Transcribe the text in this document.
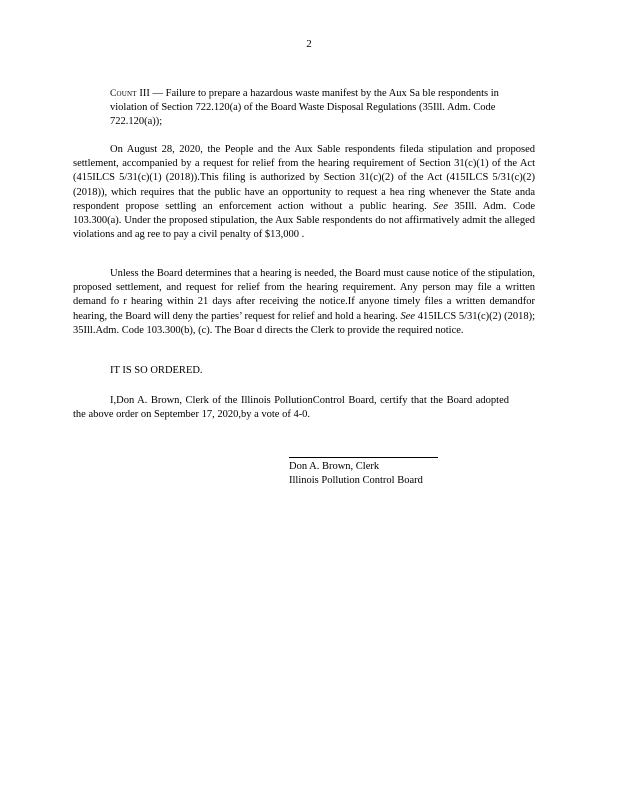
2
Count III — Failure to prepare a hazardous waste manifest by the Aux Sa ble respondents in violation of Section 722.120(a) of the Board Waste Disposal Regulations (35Ill. Adm. Code 722.120(a));

On August 28, 2020, the People and the Aux Sable respondents fileda stipulation and proposed settlement, accompanied by a request for relief from the hearing requirement of Section 31(c)(1) of the Act (415ILCS 5/31(c)(1) (2018)).This filing is authorized by Section 31(c)(2) of the Act (415ILCS 5/31(c)(2) (2018)), which requires that the public have an opportunity to request a hea ring whenever the State anda respondent propose settling an enforcement action without a public hearing. See 35Ill. Adm. Code 103.300(a). Under the proposed stipulation, the Aux Sable respondents do not affirmatively admit the alleged violations and ag ree to pay a civil penalty of $13,000 .

Unless the Board determines that a hearing is needed, the Board must cause notice of the stipulation, proposed settlement, and request for relief from the hearing requirement. Any person may file a written demand fo r hearing within 21 days after receiving the notice.If anyone timely files a written demandfor hearing, the Board will deny the parties’ request for relief and hold a hearing. See 415ILCS 5/31(c)(2) (2018); 35Ill.Adm. Code 103.300(b), (c). The Boar d directs the Clerk to provide the required notice.

IT IS SO ORDERED.

I,Don A. Brown, Clerk of the Illinois PollutionControl Board, certify that the Board adopted the above order on September 17, 2020,by a vote of 4-0.

Don A. Brown, Clerk
Illinois Pollution Control Board
